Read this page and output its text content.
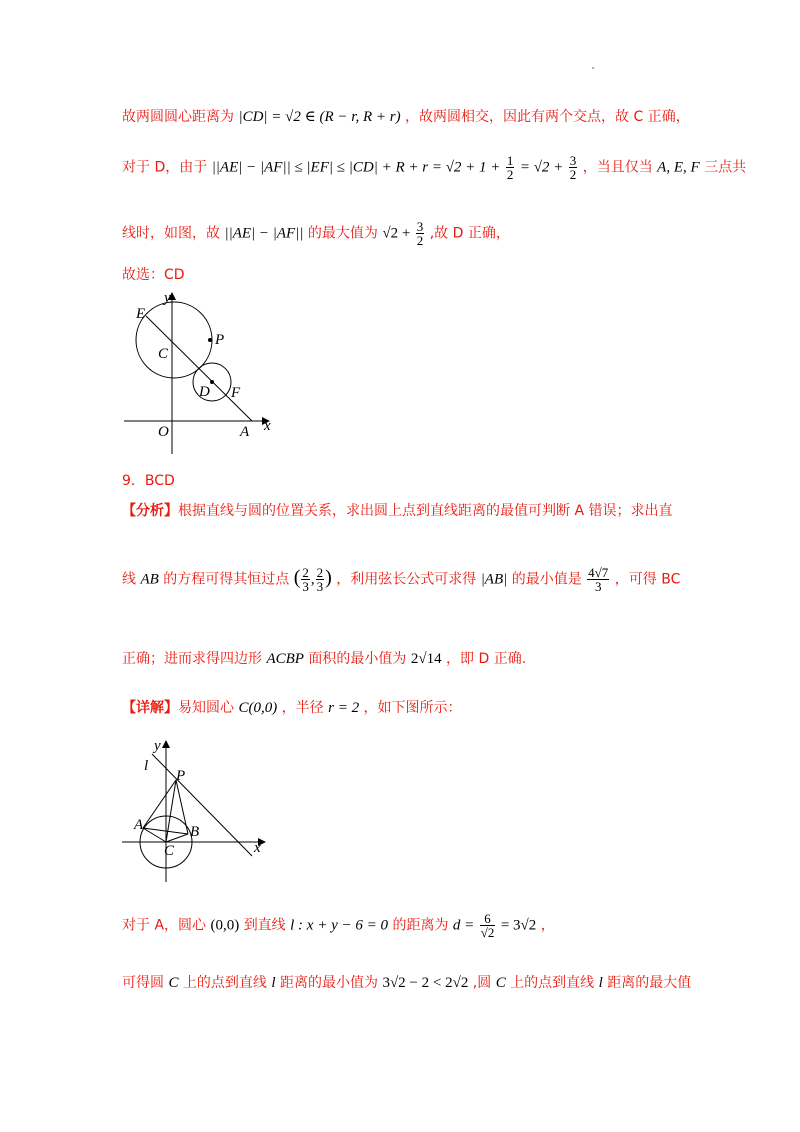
故两圆圆心距离为 |CD| = √2 ∈ (R − r, R + r) ，故两圆相交，因此有两个交点，故 C 正确，
对于 D，由于 $||AE| - |AF|| \le |EF| \le |CD| + R + r = √2 + 1 + \frac{1}{2} = √2 + \frac{3}{2}$ ，当且仅当 A, E, F 三点共
线时，如图，故 ||AE| − |AF|| 的最大值为 $√2 + \frac{3}{2}$ ,故 D 正确，
故选：CD
y
E
P
C
D F
O	A x
9．BCD
【分析】根据直线与圆的位置关系，求出圆上点到直线距离的最值可判断 A 错误；求出直
线 AB 的方程可得其恒过点 ( $\frac{2}{3}$ , $\frac{2}{3}$ ) ，利用弦长公式可求得 |AB| 的最小值是 $\frac{4√7}{3}$ ，可得 BC
正确；进而求得四边形 ACBP 面积的最小值为 2√14 ，即 D 正确.
【详解】易知圆心 C(0,0) ，半径 r = 2 ，如下图所示：
y
l
P
A	B
C	x
对于 A，圆心 (0,0) 到直线 l : x + y − 6 = 0 的距离为 $d = \frac{6}{√2} = 3√2$ ，
可得圆 C 上的点到直线 l 距离的最小值为 3√2 − 2 < 2√2 ,圆 C 上的点到直线 l 距离的最大值
